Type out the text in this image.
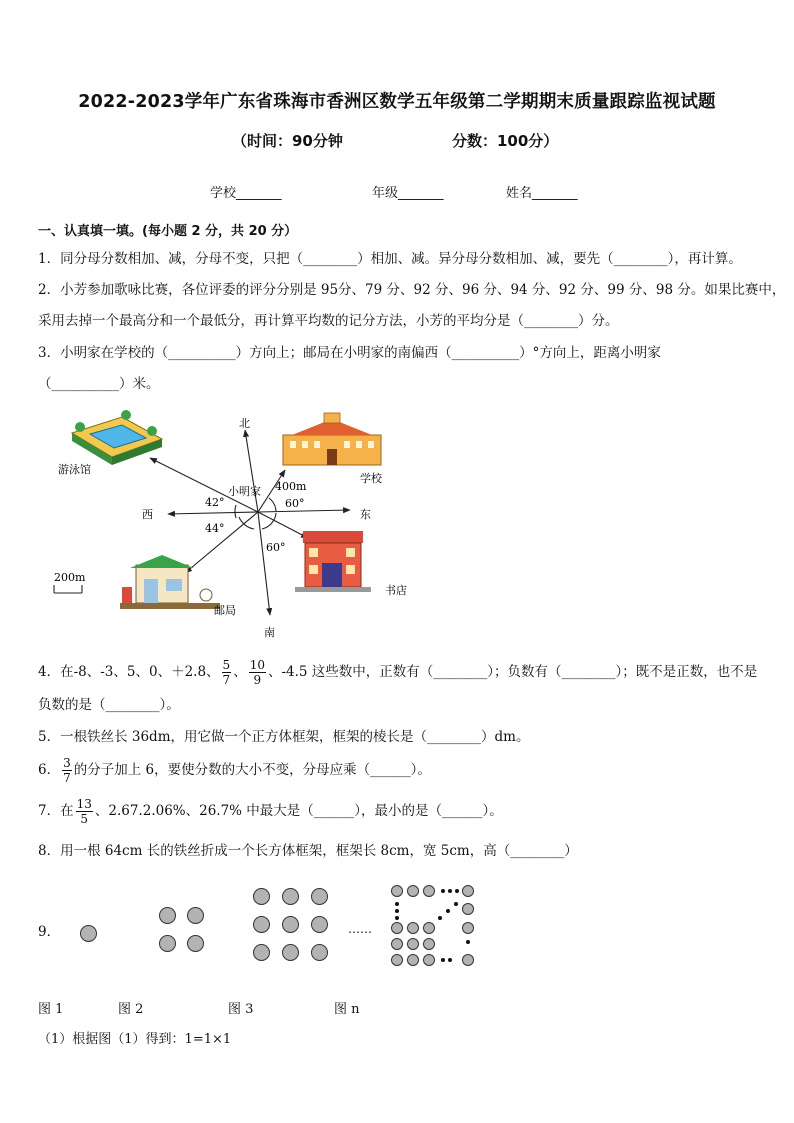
2022-2023学年广东省珠海市香洲区数学五年级第二学期期末质量跟踪监视试题
（时间：90分钟	分数：100分）
学校_______	年级_______	姓名_______
一、认真填一填。(每小题 2 分，共 20 分）
1．同分母分数相加、减，分母不变，只把（________）相加、减。异分母分数相加、减，要先（________），再计算。
2．小芳参加歌咏比赛，各位评委的评分分别是 95分、79 分、92 分、96 分、94 分、92 分、99 分、98 分。如果比赛中，
采用去掉一个最高分和一个最低分，再计算平均数的记分方法，小芳的平均分是（________）分。
3．小明家在学校的（__________）方向上；邮局在小明家的南偏西（__________）°方向上，距离小明家
（__________）米。
北
南
东
西
小明家
学校
游泳馆
邮局
书店
400m
60°
42°
44°
60°
200m
4．在-8、-3、5、0、＋2.8、 $\frac{5}{7}$ 、 $\frac{10}{9}$ 、-4.5 这些数中，正数有（________）；负数有（________）；既不是正数，也不是
负数的是（________）。
5．一根铁丝长 36dm，用它做一个正方体框架，框架的棱长是（________）dm。
6． $\frac{3}{7}$ 的分子加上 6，要使分数的大小不变，分母应乘（______）。
7．在 $\frac{13}{5}$ 、2.67.2.06%、26.7% 中最大是（______），最小的是（______）。
8．用一根 64cm 长的铁丝折成一个长方体框架，框架长 8cm，宽 5cm，高（________）
9．	……
图 1	图 2	图 3	图 n
（1）根据图（1）得到：1=1×1
